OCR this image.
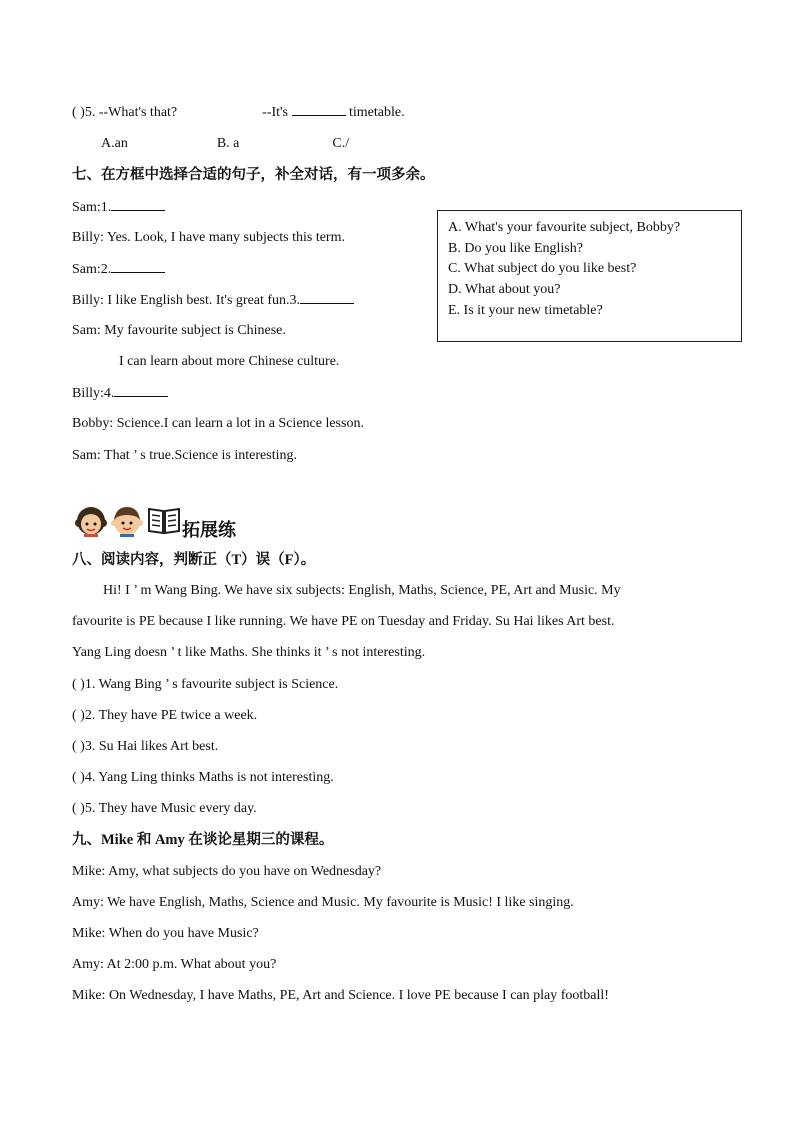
( )5. --What's that?	--It's	timetable.
A.an	B. a	C./
七、在方框中选择合适的句子，补全对话，有一项多余。
Sam:1.
Billy: Yes. Look, I have many subjects this term.
Sam:2.
Billy: I like English best. It's great fun.3.
Sam: My favourite subject is Chinese.
I can learn about more Chinese culture.
Billy:4.
Bobby: Science.I can learn a lot in a Science lesson.
Sam: That ’ s true.Science is interesting.
A. What's your favourite subject, Bobby?
B. Do you like English?
C. What subject do you like best?
D. What about you?
E. Is it your new timetable?
拓展练
八、阅读内容，判断正（T）误（F）。
Hi! I ’ m Wang Bing. We have six subjects: English, Maths, Science, PE, Art and Music. My
favourite is PE because I like running. We have PE on Tuesday and Friday. Su Hai likes Art best.
Yang Ling doesn ’ t like Maths. She thinks it ’ s not interesting.
( )1. Wang Bing ’ s favourite subject is Science.
( )2. They have PE twice a week.
( )3. Su Hai likes Art best.
( )4. Yang Ling thinks Maths is not interesting.
( )5. They have Music every day.
九、Mike 和 Amy 在谈论星期三的课程。
Mike: Amy, what subjects do you have on Wednesday?
Amy: We have English, Maths, Science and Music. My favourite is Music! I like singing.
Mike: When do you have Music?
Amy: At 2:00 p.m. What about you?
Mike: On Wednesday, I have Maths, PE, Art and Science. I love PE because I can play football!
